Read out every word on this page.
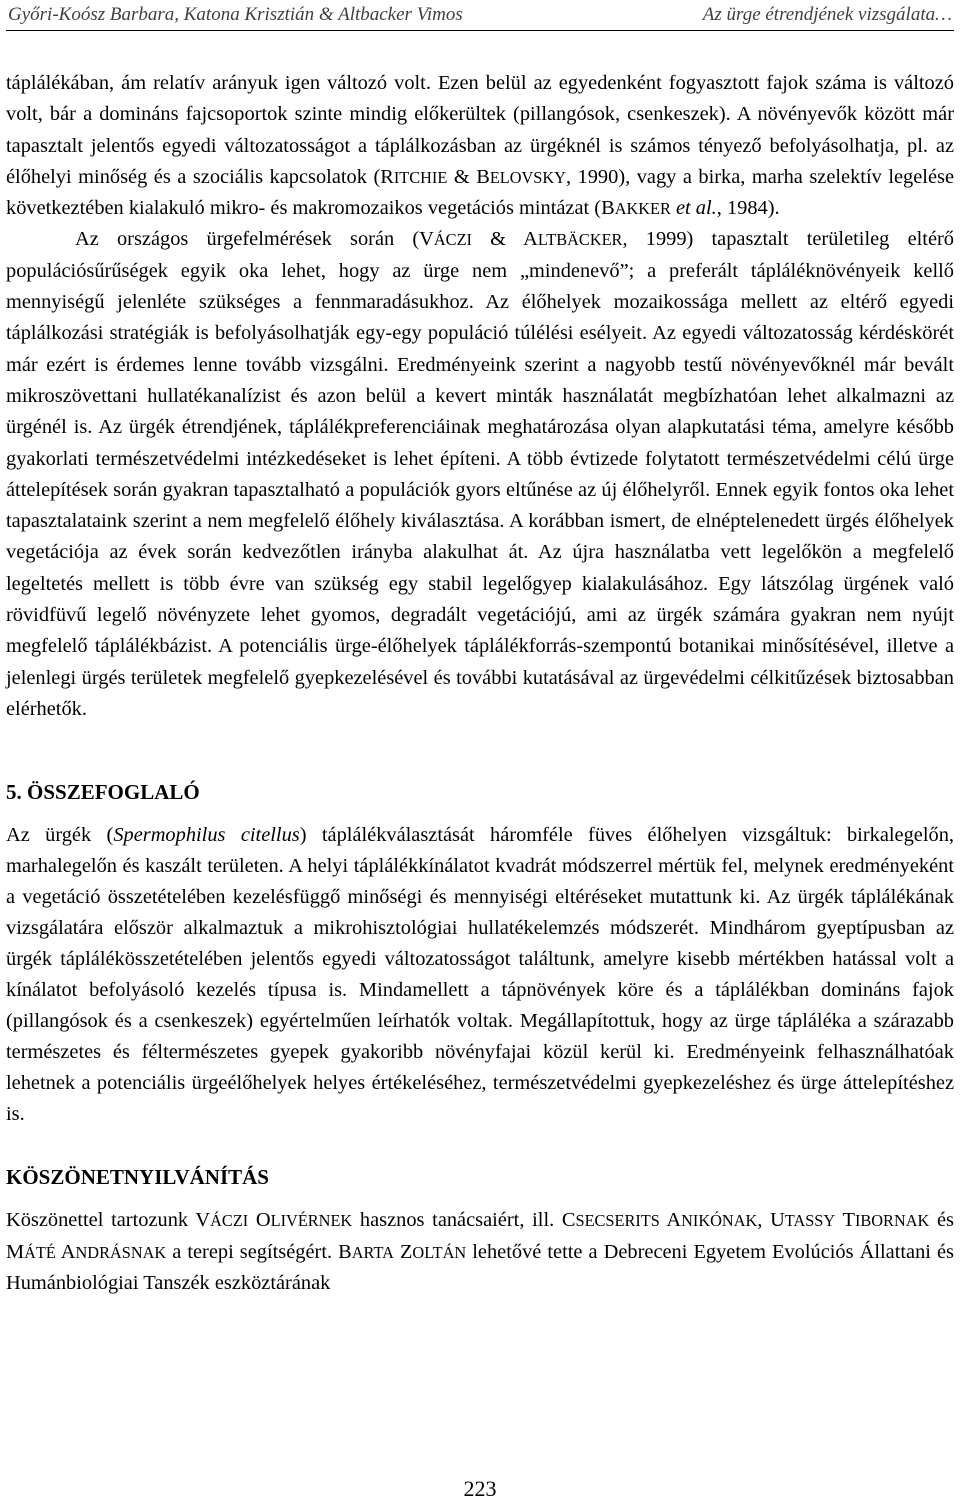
Győri-Koósz Barbara, Katona Krisztián & Altbacker Vimos	Az ürge étrendjének vizsgálata…

táplálékában, ám relatív arányuk igen változó volt. Ezen belül az egyedenként fogyasztott fajok száma is változó volt, bár a domináns fajcsoportok szinte mindig előkerültek (pillangósok, csenkeszek). A növényevők között már tapasztalt jelentős egyedi változatosságot a táplálkozásban az ürgéknél is számos tényező befolyásolhatja, pl. az élőhelyi minőség és a szociális kapcsolatok (RITCHIE & BELOVSKY, 1990), vagy a birka, marha szelektív legelése következtében kialakuló mikro- és makromozaikos vegetációs mintázat (BAKKER et al., 1984).

Az országos ürgefelmérések során (VÁCZI & ALTBÄCKER, 1999) tapasztalt területileg eltérő populációsűrűségek egyik oka lehet, hogy az ürge nem „mindenevő”; a preferált tápláléknövényeik kellő mennyiségű jelenléte szükséges a fennmaradásukhoz. Az élőhelyek mozaikossága mellett az eltérő egyedi táplálkozási stratégiák is befolyásolhatják egy-egy populáció túlélési esélyeit. Az egyedi változatosság kérdéskörét már ezért is érdemes lenne tovább vizsgálni. Eredményeink szerint a nagyobb testű növényevőknél már bevált mikroszövettani hullatékanalízist és azon belül a kevert minták használatát megbízhatóan lehet alkalmazni az ürgénél is. Az ürgék étrendjének, táplálékpreferenciáinak meghatározása olyan alapkutatási téma, amelyre később gyakorlati természetvédelmi intézkedéseket is lehet építeni. A több évtizede folytatott természetvédelmi célú ürge áttelepítések során gyakran tapasztalható a populációk gyors eltűnése az új élőhelyről. Ennek egyik fontos oka lehet tapasztalataink szerint a nem megfelelő élőhely kiválasztása. A korábban ismert, de elnéptelenedett ürgés élőhelyek vegetációja az évek során kedvezőtlen irányba alakulhat át. Az újra használatba vett legelőkön a megfelelő legeltetés mellett is több évre van szükség egy stabil legelőgyep kialakulásához. Egy látszólag ürgének való rövidfüvű legelő növényzete lehet gyomos, degradált vegetációjú, ami az ürgék számára gyakran nem nyújt megfelelő táplálékbázist. A potenciális ürge-élőhelyek táplálékforrás-szempontú botanikai minősítésével, illetve a jelenlegi ürgés területek megfelelő gyepkezelésével és további kutatásával az ürgevédelmi célkitűzések biztosabban elérhetők.

5. ÖSSZEFOGLALÓ

Az ürgék (Spermophilus citellus) táplálékválasztását háromféle füves élőhelyen vizsgáltuk: birkalegelőn, marhalegelőn és kaszált területen. A helyi táplálékkínálatot kvadrát módszerrel mértük fel, melynek eredményeként a vegetáció összetételében kezelésfüggő minőségi és mennyiségi eltéréseket mutattunk ki. Az ürgék táplálékának vizsgálatára először alkalmaztuk a mikrohisztológiai hullatékelemzés módszerét. Mindhárom gyeptípusban az ürgék táplálékösszetételében jelentős egyedi változatosságot találtunk, amelyre kisebb mértékben hatással volt a kínálatot befolyásoló kezelés típusa is. Mindamellett a tápnövények köre és a táplálékban domináns fajok (pillangósok és a csenkeszek) egyértelműen leírhatók voltak. Megállapítottuk, hogy az ürge tápláléka a szárazabb természetes és féltermészetes gyepek gyakoribb növényfajai közül kerül ki. Eredményeink felhasználhatóak lehetnek a potenciális ürgeélőhelyek helyes értékeléséhez, természetvédelmi gyepkezeléshez és ürge áttelepítéshez is.

KÖSZÖNETNYILVÁNÍTÁS

Köszönettel tartozunk VÁCZI OLIVÉRNEK hasznos tanácsaiért, ill. CSECSERITS ANIKÓNAK, UTASSY TIBORNAK és MÁTÉ ANDRÁSNAK a terepi segítségért. BARTA ZOLTÁN lehetővé tette a Debreceni Egyetem Evolúciós Állattani és Humánbiológiai Tanszék eszköztárának

223
